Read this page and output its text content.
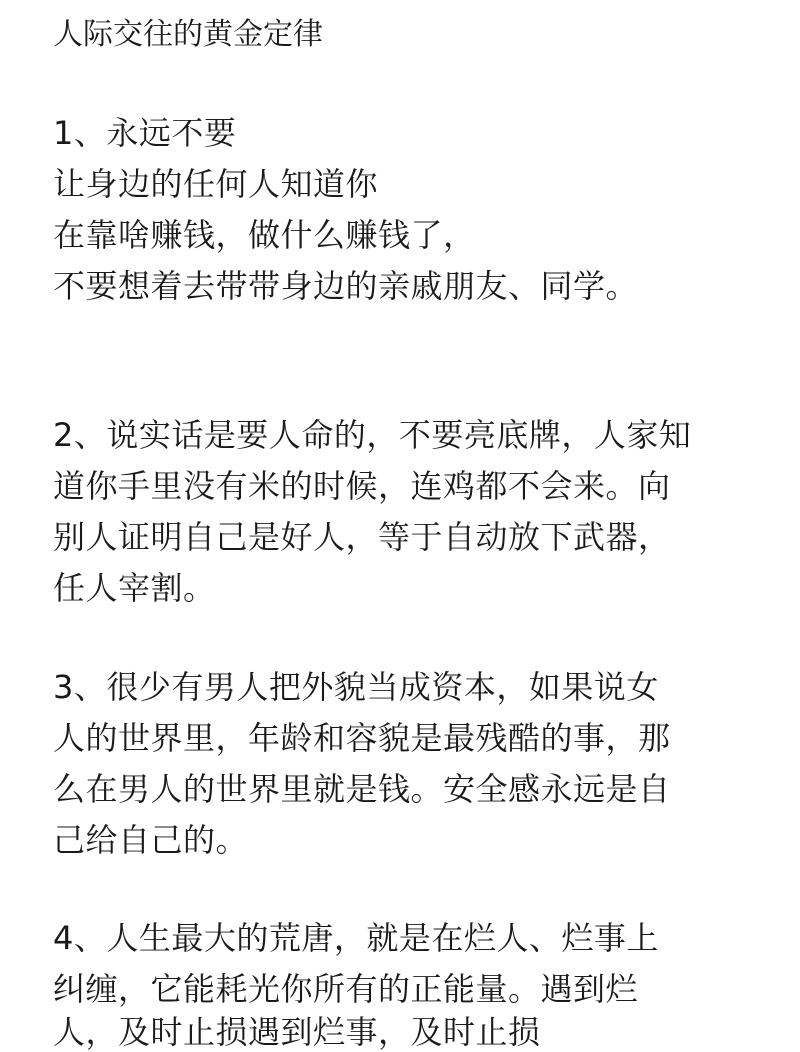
人际交往的黄金定律
1、永远不要
让身边的任何人知道你
在靠啥赚钱，做什么赚钱了，
不要想着去带带身边的亲戚朋友、同学。
2、说实话是要人命的，不要亮底牌，人家知
道你手里没有米的时候，连鸡都不会来。向
别人证明自己是好人，等于自动放下武器，
任人宰割。
3、很少有男人把外貌当成资本，如果说女
人的世界里，年龄和容貌是最残酷的事，那
么在男人的世界里就是钱。安全感永远是自
己给自己的。
4、人生最大的荒唐，就是在烂人、烂事上
纠缠，它能耗光你所有的正能量。遇到烂
人，及时止损遇到烂事，及时止损
